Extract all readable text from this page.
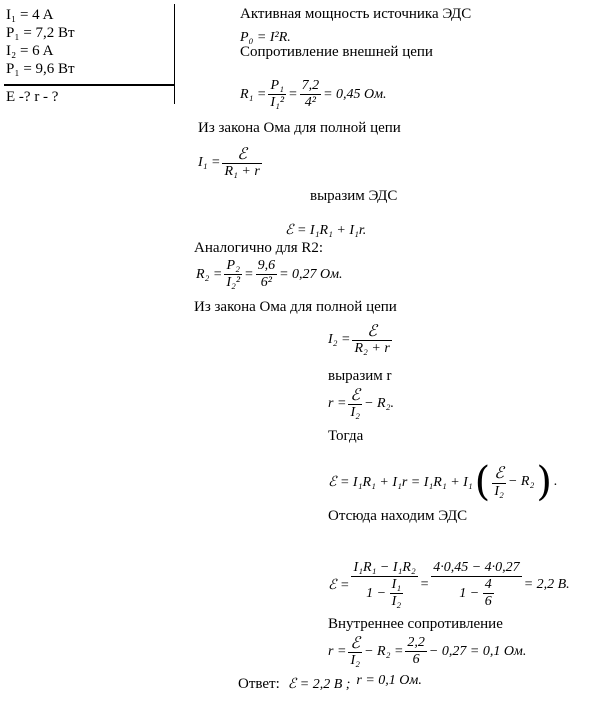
I₁ = 4 A
P₁ = 7,2 Вт
I₂ = 6 A
P₁ = 9,6 Вт
E -? r - ?
Активная мощность источника ЭДС
P₀ = I²R.
Сопротивление внешней цепи
$R_1 = \frac{\text{P₁}}{\text{I₁²}} = \frac{7,2}{\text{4²}} = 0,45$ Ом.
Из закона Ома для полной цепи
$I_1 = \frac{\text{ℰ}}{\text{R₁ + r}}$
выразим ЭДС
ℰ = I₁R₁ + I₁r.
Аналогично для R2:
$R_2 = \frac{\text{P₂}}{\text{I₂²}} = \frac{9,6}{\text{6²}} = 0,27$ Ом.
Из закона Ома для полной цепи
$I_2 = \frac{\text{ℰ}}{\text{R₂ + r}}$
выразим r
$r = \frac{\text{ℰ}}{\text{I₂}} - R_2$.
Тогда
ℰ = I₁R₁ + I₁r = I₁R₁ + I₁ ( $\frac{\text{ℰ}}{\text{I₂}} - R_2$ ) .
Отсюда находим ЭДС
ℰ = $\frac{\text{I₁R₁ − I₁R₂}}{1 - \frac{\text{I₁}}{\text{I₂}}} = \frac{4\cdot 0,45 - 4\cdot 0,27}{1 - \frac{4}{6}} = 2,2$ B.
Внутреннее сопротивление
$r = \frac{\text{ℰ}}{\text{I₂}} - R_2 = \frac{2,2}{6} - 0,27 = 0,1$ Ом.
Ответ: ℰ = 2,2 B ; r = 0,1 Ом.
